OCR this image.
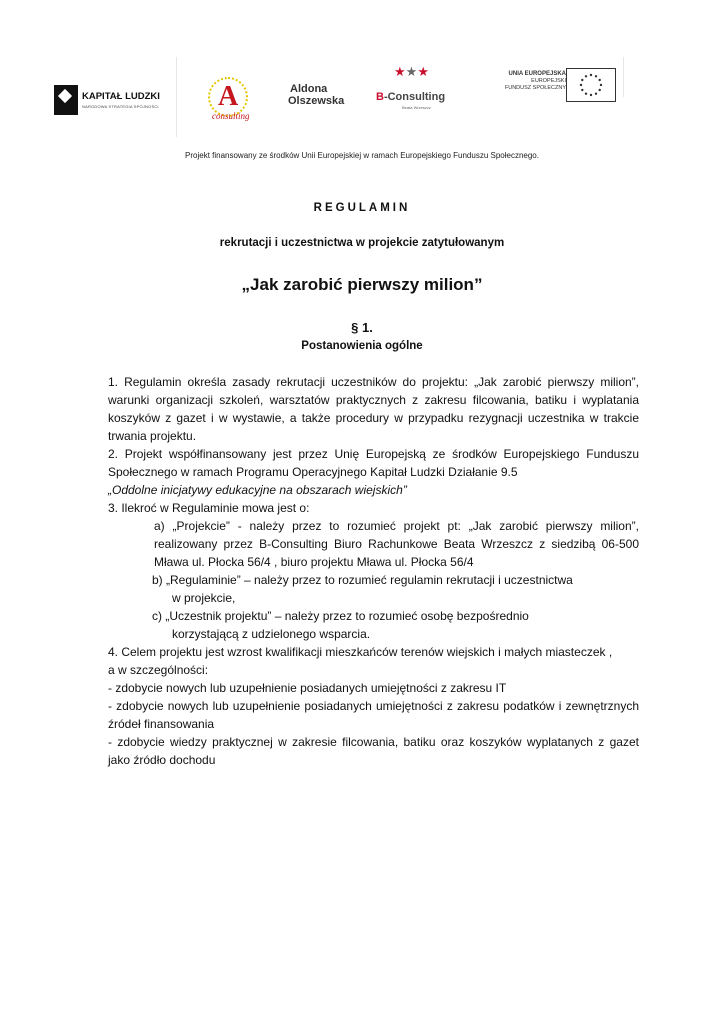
KAPITAŁ LUDZKI
NARODOWA STRATEGIA SPÓJNOŚCI A
consulting
Aldona
Olszewska
★★★
B-Consulting
Beata Wrzeszcz
UNIA EUROPEJSKA
EUROPEJSKI
FUNDUSZ SPOŁECZNY
Projekt finansowany ze środków Unii Europejskiej w ramach Europejskiego Funduszu Społecznego.
REGULAMIN
rekrutacji i uczestnictwa w projekcie zatytułowanym
„Jak zarobić pierwszy milion”
§ 1.
Postanowienia ogólne

1. Regulamin określa zasady rekrutacji uczestników do projektu: „Jak zarobić pierwszy milion”, warunki organizacji szkoleń, warsztatów praktycznych z zakresu filcowania, batiku i wyplatania koszyków z gazet i w wystawie, a także procedury w przypadku rezygnacji uczestnika w trakcie trwania projektu.

2. Projekt współfinansowany jest przez Unię Europejską ze środków Europejskiego Funduszu Społecznego w ramach Programu Operacyjnego Kapitał Ludzki Działanie 9.5

„Oddolne inicjatywy edukacyjne na obszarach wiejskich”

3. Ilekroć w Regulaminie mowa jest o:

a) „Projekcie” - należy przez to rozumieć projekt pt: „Jak zarobić pierwszy milion”, realizowany przez B-Consulting Biuro Rachunkowe Beata Wrzeszcz z siedzibą 06-500 Mława ul. Płocka 56/4 , biuro projektu Mława ul. Płocka 56/4

b) „Regulaminie” – należy przez to rozumieć regulamin rekrutacji i uczestnictwa

w projekcie,

c) „Uczestnik projektu” – należy przez to rozumieć osobę bezpośrednio

korzystającą z udzielonego wsparcia.

4. Celem projektu jest wzrost kwalifikacji mieszkańców terenów wiejskich i małych miasteczek ,

a w szczególności:

- zdobycie nowych lub uzupełnienie posiadanych umiejętności z zakresu IT

- zdobycie nowych lub uzupełnienie posiadanych umiejętności z zakresu podatków i zewnętrznych źródeł finansowania

- zdobycie wiedzy praktycznej w zakresie filcowania, batiku oraz koszyków wyplatanych z gazet jako źródło dochodu
